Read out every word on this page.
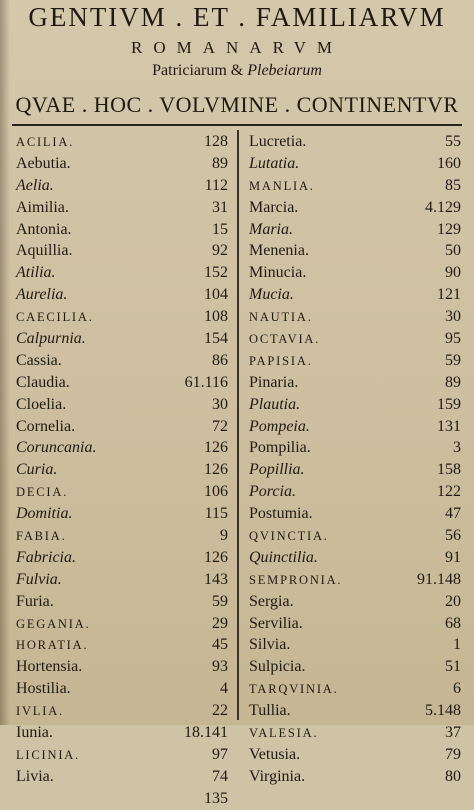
GENTIVM . ET . FAMILIARVM
ROMANARVM
Patriciarum & Plebeiarum
QVAE . HOC . VOLVMINE . CONTINENTVR
ACILIA.	128
Aebutia.	89
Aelia.	112
Aimilia.	31
Antonia.	15
Aquillia.	92
Atilia.	152
Aurelia.	104
CAECILIA.	108
Calpurnia.	154
Cassia.	86
Claudia.	61.116
Cloelia.	30
Cornelia.	72
Coruncania.	126
Curia.	126
DECIA.	106
Domitia.	115
FABIA.	9
Fabricia.	126
Fulvia.	143
Furia.	59
GEGANIA.	29
HORATIA.	45
Hortensia.	93
Hostilia.	4
IVLIA.	22
Iunia.	18.141
LICINIA.	97
Livia.	74
135
Lucretia.	55
Lutatia.	160
MANLIA.	85
Marcia.	4.129
Maria.	129
Menenia.	50
Minucia.	90
Mucia.	121
NAUTIA.	30
OCTAVIA.	95
PAPISIA.	59
Pinaria.	89
Plautia.	159
Pompeia.	131
Pompilia.	3
Popillia.	158
Porcia.	122
Postumia.	47
QVINCTIA.	56
Quinctilia.	91
SEMPRONIA.	91.148
Sergia.	20
Servilia.	68
Silvia.	1
Sulpicia.	51
TARQVINIA.	6
Tullia.	5.148
VALESIA.	37
Vetusia.	79
Virginia.	80
